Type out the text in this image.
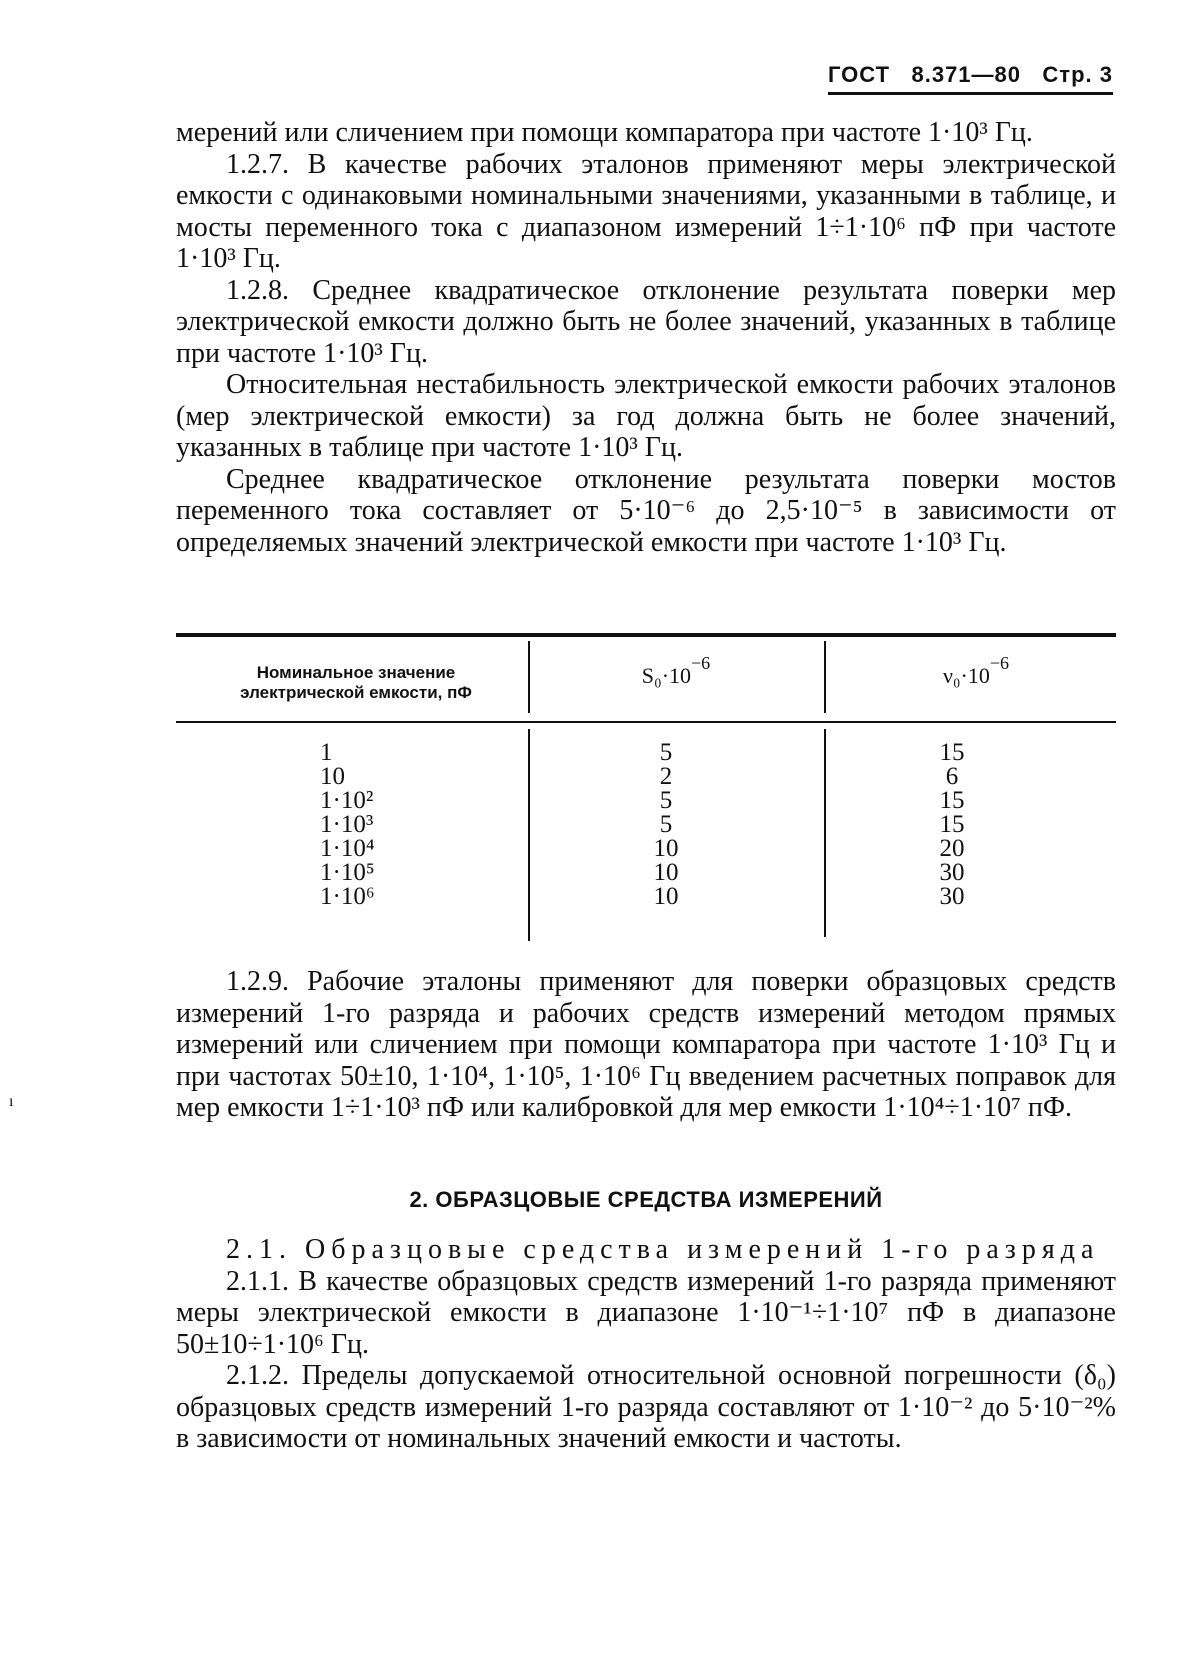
ГОСТ 8.371—80 Стр. 3

мерений или сличением при помощи компаратора при частоте 1·10³ Гц.

1.2.7. В качестве рабочих эталонов применяют меры электрической емкости с одинаковыми номинальными значениями, указанными в таблице, и мосты переменного тока с диапазоном измерений 1÷1·10⁶ пФ при частоте 1·10³ Гц.

1.2.8. Среднее квадратическое отклонение результата поверки мер электрической емкости должно быть не более значений, указанных в таблице при частоте 1·10³ Гц.

Относительная нестабильность электрической емкости рабочих эталонов (мер электрической емкости) за год должна быть не более значений, указанных в таблице при частоте 1·10³ Гц.

Среднее квадратическое отклонение результата поверки мостов переменного тока составляет от 5·10⁻⁶ до 2,5·10⁻⁵ в зависимости от определяемых значений электрической емкости при частоте 1·10³ Гц.

Номинальное значение электрической емкости, пФ
$S_0\cdot 10^{-6}$
$\nu_0\cdot 10^{-6}$
1
10
1·10²
1·10³
1·10⁴
1·10⁵
1·10⁶
5
2
5
5
10
10
10
15
6
15
15
20
30
30

1.2.9. Рабочие эталоны применяют для поверки образцовых средств измерений 1-го разряда и рабочих средств измерений методом прямых измерений или сличением при помощи компаратора при частоте 1·10³ Гц и при частотах 50±10, 1·10⁴, 1·10⁵, 1·10⁶ Гц введением расчетных поправок для мер емкости 1÷1·10³ пФ или калибровкой для мер емкости 1·10⁴÷1·10⁷ пФ.

2. ОБРАЗЦОВЫЕ СРЕДСТВА ИЗМЕРЕНИЙ

2.1. Образцовые средства измерений 1-го разряда

2.1.1. В качестве образцовых средств измерений 1-го разряда применяют меры электрической емкости в диапазоне 1·10⁻¹÷1·10⁷ пФ в диапазоне 50±10÷1·10⁶ Гц.

2.1.2. Пределы допускаемой относительной основной погрешности (δ₀) образцовых средств измерений 1-го разряда составляют от 1·10⁻² до 5·10⁻²% в зависимости от номинальных значений емкости и частоты.

ı
